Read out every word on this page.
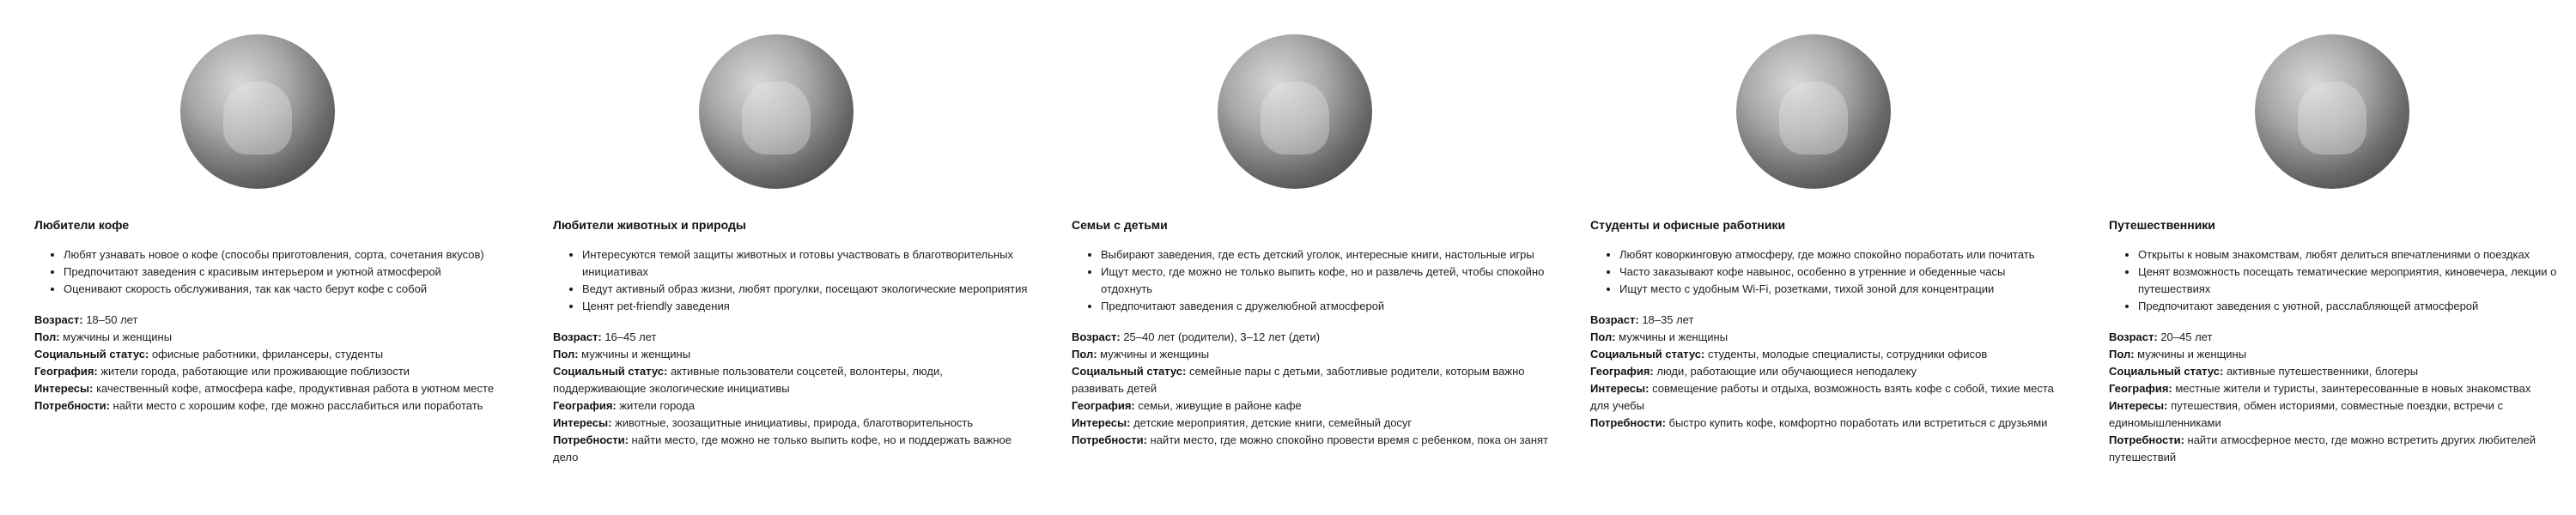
Любители кофе
• Любят узнавать новое о кофе (способы приготовления, сорта, сочетания вкусов)
• Предпочитают заведения с красивым интерьером и уютной атмосферой
• Оценивают скорость обслуживания, так как часто берут кофе с собой
Возраст: 18–50 лет
Пол: мужчины и женщины
Социальный статус: офисные работники, фрилансеры, студенты
География: жители города, работающие или проживающие поблизости
Интересы: качественный кофе, атмосфера кафе, продуктивная работа в уютном месте
Потребности: найти место с хорошим кофе, где можно расслабиться или поработать
Любители животных и природы
• Интересуются темой защиты животных и готовы участвовать в благотворительных инициативах
• Ведут активный образ жизни, любят прогулки, посещают экологические мероприятия
• Ценят pet-friendly заведения
Возраст: 16–45 лет
Пол: мужчины и женщины
Социальный статус: активные пользователи соцсетей, волонтеры, люди, поддерживающие экологические инициативы
География: жители города
Интересы: животные, зоозащитные инициативы, природа, благотворительность
Потребности: найти место, где можно не только выпить кофе, но и поддержать важное дело
Семьи с детьми
• Выбирают заведения, где есть детский уголок, интересные книги, настольные игры
• Ищут место, где можно не только выпить кофе, но и развлечь детей, чтобы спокойно отдохнуть
• Предпочитают заведения с дружелюбной атмосферой
Возраст: 25–40 лет (родители), 3–12 лет (дети)
Пол: мужчины и женщины
Социальный статус: семейные пары с детьми, заботливые родители, которым важно развивать детей
География: семьи, живущие в районе кафе
Интересы: детские мероприятия, детские книги, семейный досуг
Потребности: найти место, где можно спокойно провести время с ребенком, пока он занят
Студенты и офисные работники
• Любят коворкинговую атмосферу, где можно спокойно поработать или почитать
• Часто заказывают кофе навынос, особенно в утренние и обеденные часы
• Ищут место с удобным Wi-Fi, розетками, тихой зоной для концентрации
Возраст: 18–35 лет
Пол: мужчины и женщины
Социальный статус: студенты, молодые специалисты, сотрудники офисов
География: люди, работающие или обучающиеся неподалеку
Интересы: совмещение работы и отдыха, возможность взять кофе с собой, тихие места для учебы
Потребности: быстро купить кофе, комфортно поработать или встретиться с друзьями
Путешественники
• Открыты к новым знакомствам, любят делиться впечатлениями о поездках
• Ценят возможность посещать тематические мероприятия, киновечера, лекции о путешествиях
• Предпочитают заведения с уютной, расслабляющей атмосферой
Возраст: 20–45 лет
Пол: мужчины и женщины
Социальный статус: активные путешественники, блогеры
География: местные жители и туристы, заинтересованные в новых знакомствах
Интересы: путешествия, обмен историями, совместные поездки, встречи с единомышленниками
Потребности: найти атмосферное место, где можно встретить других любителей путешествий
